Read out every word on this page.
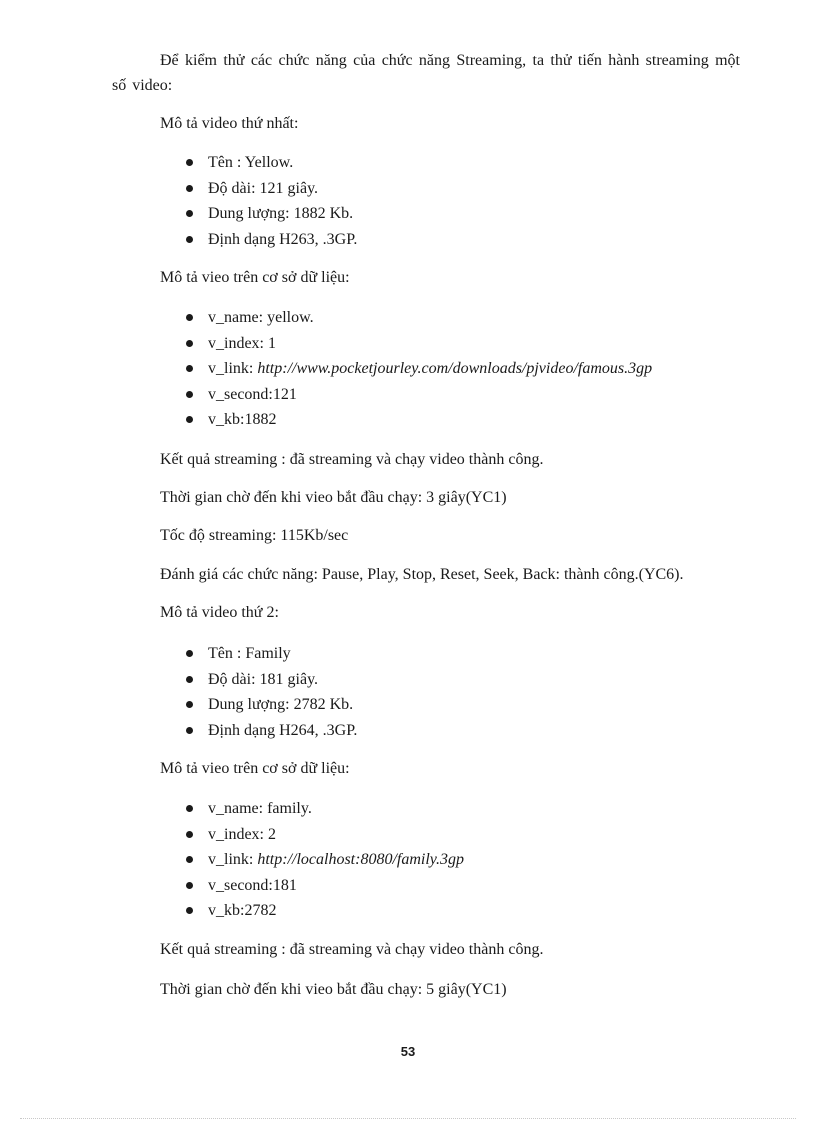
Để kiểm thử các chức năng của chức năng Streaming, ta thử tiến hành streaming một số video:

Mô tả video thứ nhất:

Tên : Yellow.
Độ dài: 121 giây.
Dung lượng: 1882 Kb.
Định dạng H263, .3GP.

Mô tả vieo trên cơ sở dữ liệu:

v_name: yellow.
v_index: 1
v_link: http://www.pocketjourley.com/downloads/pjvideo/famous.3gp
v_second:121
v_kb:1882

Kết quả streaming : đã streaming và chạy video thành công.

Thời gian chờ đến khi vieo bắt đầu chạy: 3 giây(YC1)

Tốc độ streaming: 115Kb/sec

Đánh giá các chức năng: Pause, Play, Stop, Reset, Seek, Back: thành công.(YC6).

Mô tả video thứ 2:

Tên : Family
Độ dài: 181 giây.
Dung lượng: 2782 Kb.
Định dạng H264, .3GP.

Mô tả vieo trên cơ sở dữ liệu:

v_name: family.
v_index: 2
v_link: http://localhost:8080/family.3gp
v_second:181
v_kb:2782

Kết quả streaming : đã streaming và chạy video thành công.

Thời gian chờ đến khi vieo bắt đầu chạy: 5 giây(YC1)

53
